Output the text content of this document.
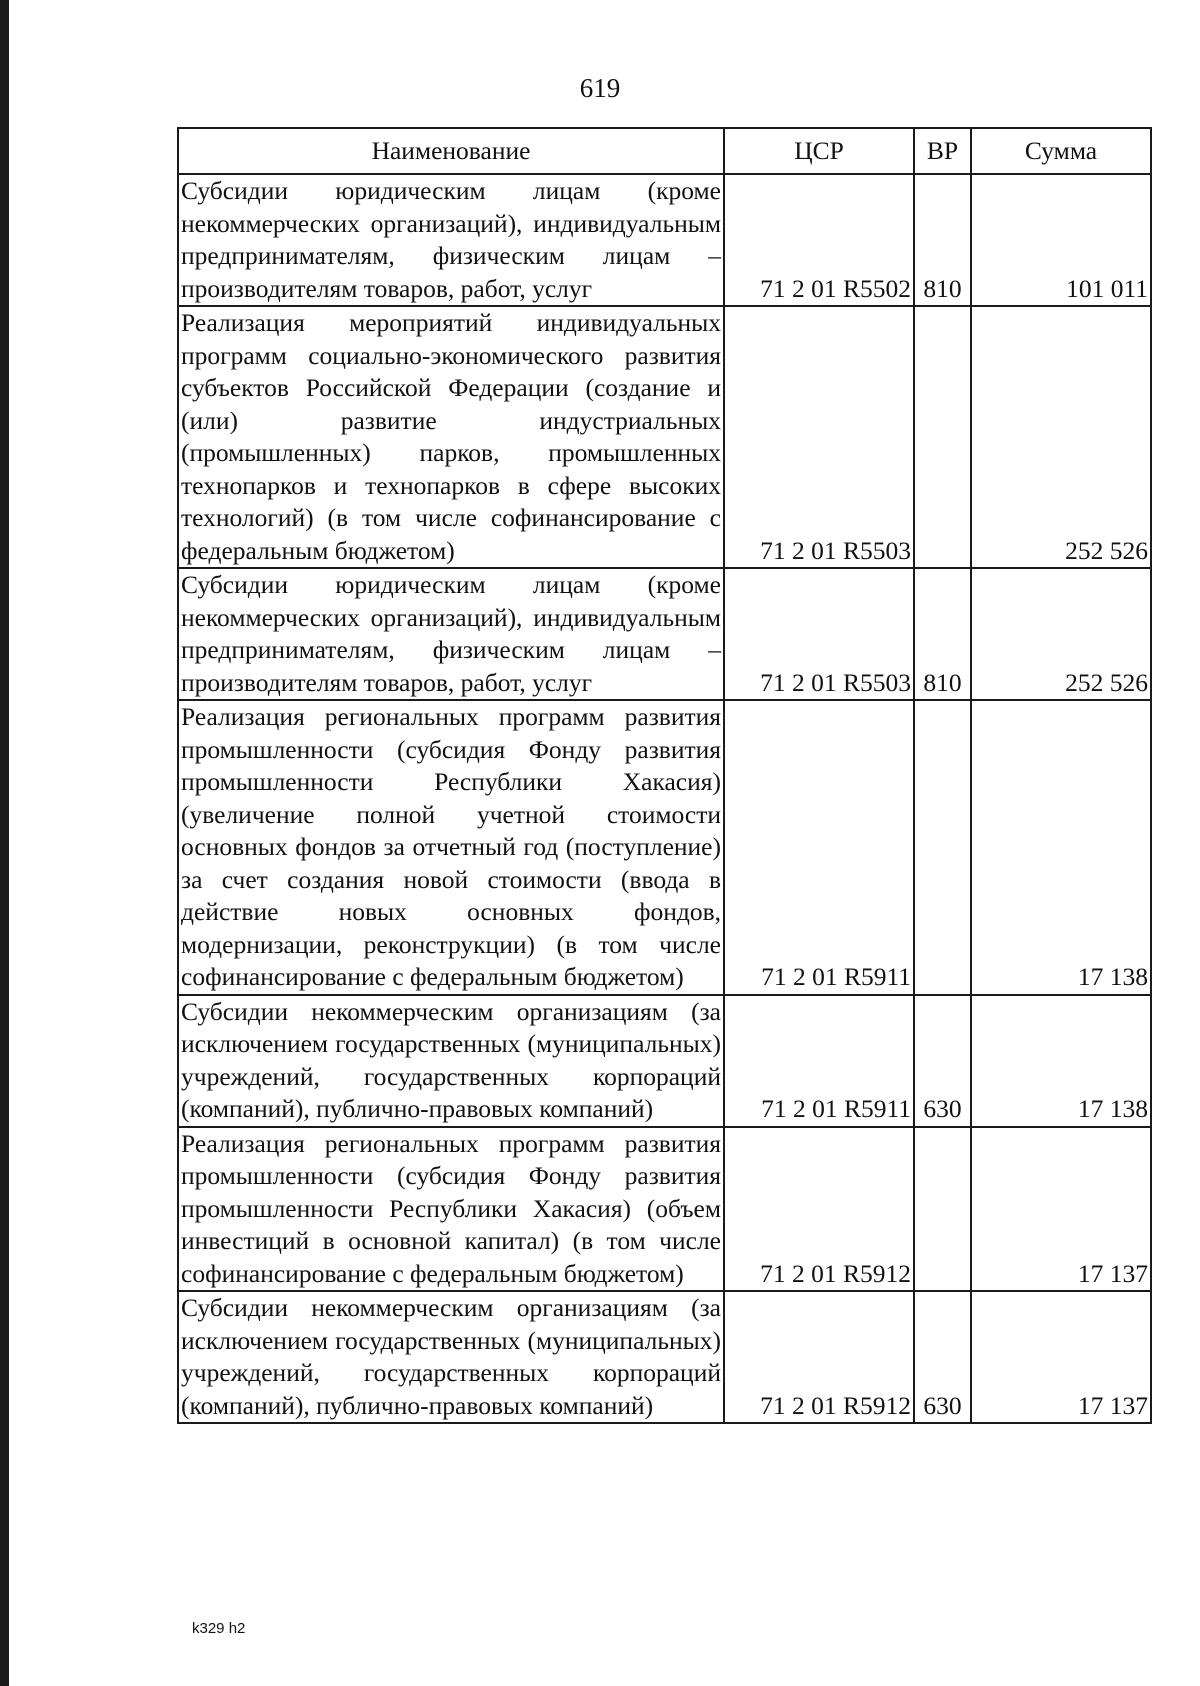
619
Наименование	ЦСР	ВР	Сумма

Субсидии юридическим лицам (кроме некоммерческих организаций), индивидуальным предпринимателям, физическим лицам – производителям товаров, работ, услуг	71 2 01 R5502	810	101 011

Реализация мероприятий индивидуальных программ социально-экономического развития субъектов Российской Федерации (создание и (или) развитие индустриальных (промышленных) парков, промышленных технопарков и технопарков в сфере высоких технологий) (в том числе софинансирование с федеральным бюджетом)	71 2 01 R5503		252 526

Субсидии юридическим лицам (кроме некоммерческих организаций), индивидуальным предпринимателям, физическим лицам – производителям товаров, работ, услуг	71 2 01 R5503	810	252 526

Реализация региональных программ развития промышленности (субсидия Фонду развития промышленности Республики Хакасия) (увеличение полной учетной стоимости основных фондов за отчетный год (поступление) за счет создания новой стоимости (ввода в действие новых основных фондов, модернизации, реконструкции) (в том числе софинансирование с федеральным бюджетом)	71 2 01 R5911		17 138

Субсидии некоммерческим организациям (за исключением государственных (муниципальных) учреждений, государственных корпораций (компаний), публично-правовых компаний)	71 2 01 R5911	630	17 138

Реализация региональных программ развития промышленности (субсидия Фонду развития промышленности Республики Хакасия) (объем инвестиций в основной капитал) (в том числе софинансирование с федеральным бюджетом)	71 2 01 R5912		17 137

Субсидии некоммерческим организациям (за исключением государственных (муниципальных) учреждений, государственных корпораций (компаний), публично-правовых компаний)	71 2 01 R5912	630	17 137
k329 h2
